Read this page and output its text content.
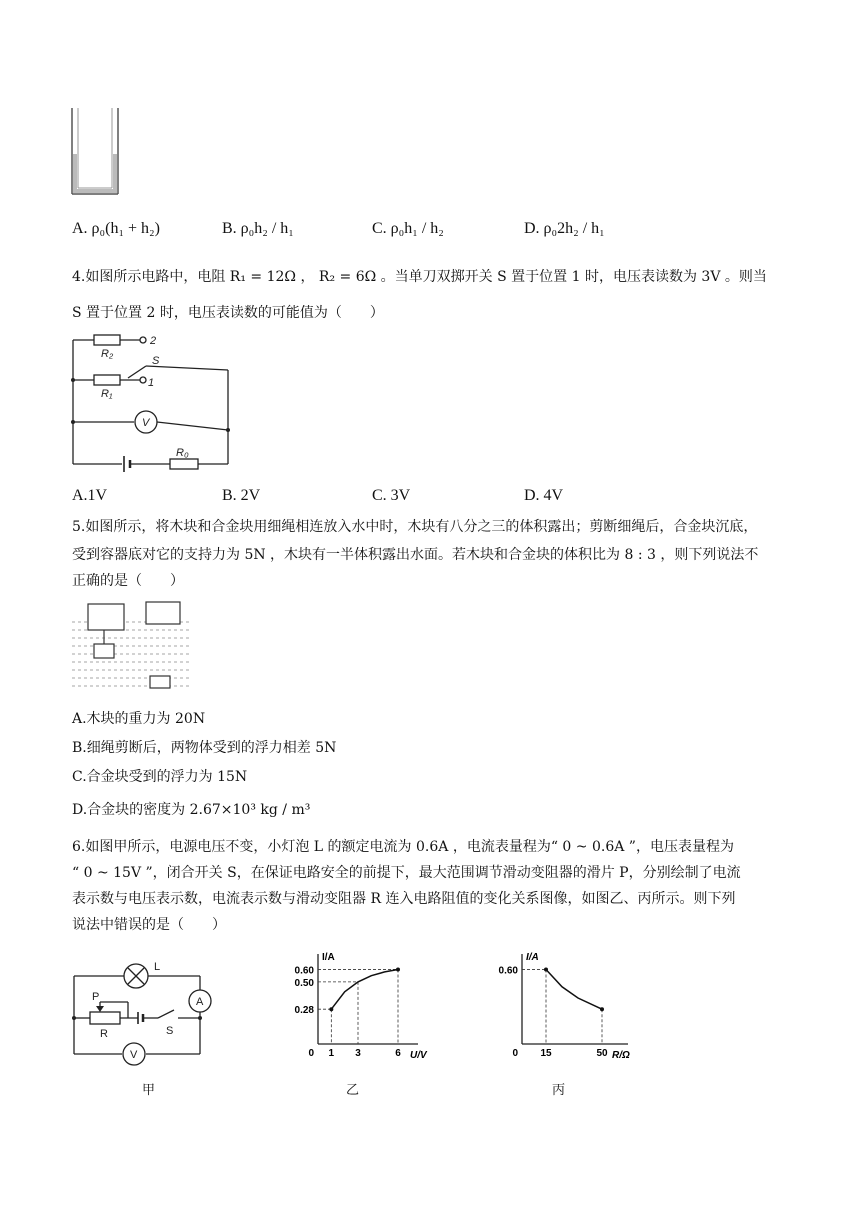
A. ρ₀(h₁ + h₂)	B. ρ₀h₂ / h₁	C. ρ₀h₁ / h₂	D. ρ₀2h₂ / h₁
4.如图所示电路中，电阻 R₁ = 12Ω ， R₂ = 6Ω 。当单刀双掷开关 S 置于位置 1 时，电压表读数为 3V 。则当
S 置于位置 2 时，电压表读数的可能值为（　　）
R₂
2
S
1
R₁
V
R₀
A.1V	B. 2V	C. 3V	D. 4V
5.如图所示，将木块和合金块用细绳相连放入水中时，木块有八分之三的体积露出；剪断细绳后，合金块沉底，
受到容器底对它的支持力为 5N ，木块有一半体积露出水面。若木块和合金块的体积比为 8 : 3 ，则下列说法不
正确的是（　　）
A.木块的重力为 20N
B.细绳剪断后，两物体受到的浮力相差 5N
C.合金块受到的浮力为 15N
D.合金块的密度为 2.67×10³ kg / m³
6.如图甲所示，电源电压不变，小灯泡 L 的额定电流为 0.6A ，电流表量程为“ 0 ~ 0.6A ”，电压表量程为
“ 0 ~ 15V ”，闭合开关 S，在保证电路安全的前提下，最大范围调节滑动变阻器的滑片 P，分别绘制了电流
表示数与电压表示数，电流表示数与滑动变阻器 R 连入电路阻值的变化关系图像，如图乙、丙所示。则下列
说法中错误的是（　　）
L
A
P
R	S
V
I/A
U/V
0
0.28
0.50
0.60
1 3	6
I/A
R/Ω
0
0.60
15	50
甲	乙	丙
